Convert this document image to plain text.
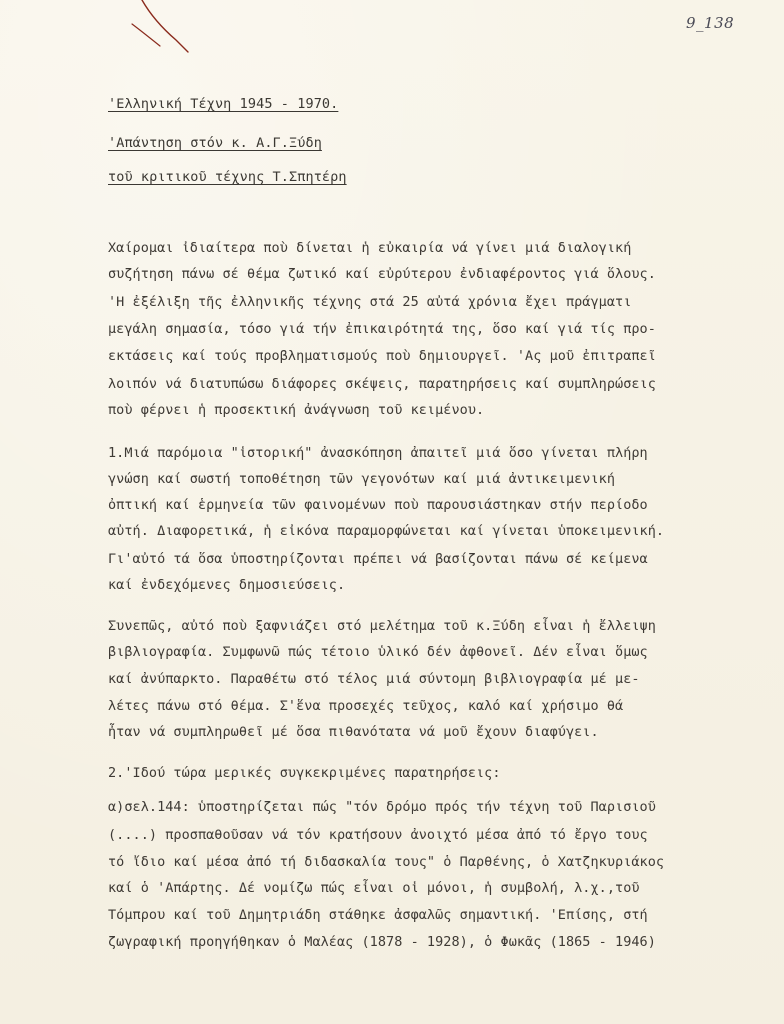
9_138
'Ελληνική Τέχνη 1945 - 1970.
'Απάντηση στόν κ. Α.Γ.Ξύδη
τοῦ κριτικοῦ τέχνης Τ.Σπητέρη
Χαίρομαι ἰδιαίτερα ποὺ δίνεται ἡ εὐκαιρία νά γίνει μιά διαλογική
συζήτηση πάνω σέ θέμα ζωτικό καί εὐρύτερου ἐνδιαφέροντος γιά ὅλους.
'Η ἐξέλιξη τῆς ἐλληνικῆς τέχνης στά 25 αὐτά χρόνια ἔχει πράγματι
μεγάλη σημασία, τόσο γιά τήν ἐπικαιρότητά της, ὅσο καί γιά τίς προ-
εκτάσεις καί τούς προβληματισμούς ποὺ δημιουργεῖ. 'Ας μοῦ ἐπιτραπεῖ
λοιπόν νά διατυπώσω διάφορες σκέψεις, παρατηρήσεις καί συμπληρώσεις
ποὺ φέρνει ἡ προσεκτική ἀνάγνωση τοῦ κειμένου.
1.Μιά παρόμοια "ἱστορική" ἀνασκόπηση ἀπαιτεῖ μιά ὅσο γίνεται πλήρη
γνώση καί σωστή τοποθέτηση τῶν γεγονότων καί μιά ἀντικειμενική
ὀπτική καί ἑρμηνεία τῶν φαινομένων ποὺ παρουσιάστηκαν στήν περίοδο
αὐτή. Διαφορετικά, ἡ εἰκόνα παραμορφώνεται καί γίνεται ὑποκειμενική.
Γι'αὐτό τά ὅσα ὑποστηρίζονται πρέπει νά βασίζονται πάνω σέ κείμενα
καί ἐνδεχόμενες δημοσιεύσεις.
Συνεπῶς, αὐτό ποὺ ξαφνιάζει στό μελέτημα τοῦ κ.Ξύδη εἶναι ἡ ἔλλειψη
βιβλιογραφία. Συμφωνῶ πώς τέτοιο ὑλικό δέν ἀφθονεῖ. Δέν εἶναι ὅμως
καί ἀνύπαρκτο. Παραθέτω στό τέλος μιά σύντομη βιβλιογραφία μέ με-
λέτες πάνω στό θέμα. Σ'ἕνα προσεχές τεῦχος, καλό καί χρήσιμο θά
ἦταν νά συμπληρωθεῖ μέ ὅσα πιθανότατα νά μοῦ ἔχουν διαφύγει.
2.'Ιδού τώρα μερικές συγκεκριμένες παρατηρήσεις:
α)σελ.144: ὑποστηρίζεται πώς "τόν δρόμο πρός τήν τέχνη τοῦ Παρισιοῦ
(....) προσπαθοῦσαν νά τόν κρατήσουν ἀνοιχτό μέσα ἀπό τό ἔργο τους
τό ἴδιο καί μέσα ἀπό τή διδασκαλία τους" ὁ Παρθένης, ὁ Χατζηκυριάκος
καί ὁ 'Απάρτης. Δέ νομίζω πώς εἶναι οἱ μόνοι, ἡ συμβολή, λ.χ.,τοῦ
Τόμπρου καί τοῦ Δημητριάδη στάθηκε ἀσφαλῶς σημαντική. 'Επίσης, στή
ζωγραφική προηγήθηκαν ὁ Μαλέας (1878 - 1928), ὁ Φωκᾶς (1865 - 1946)
